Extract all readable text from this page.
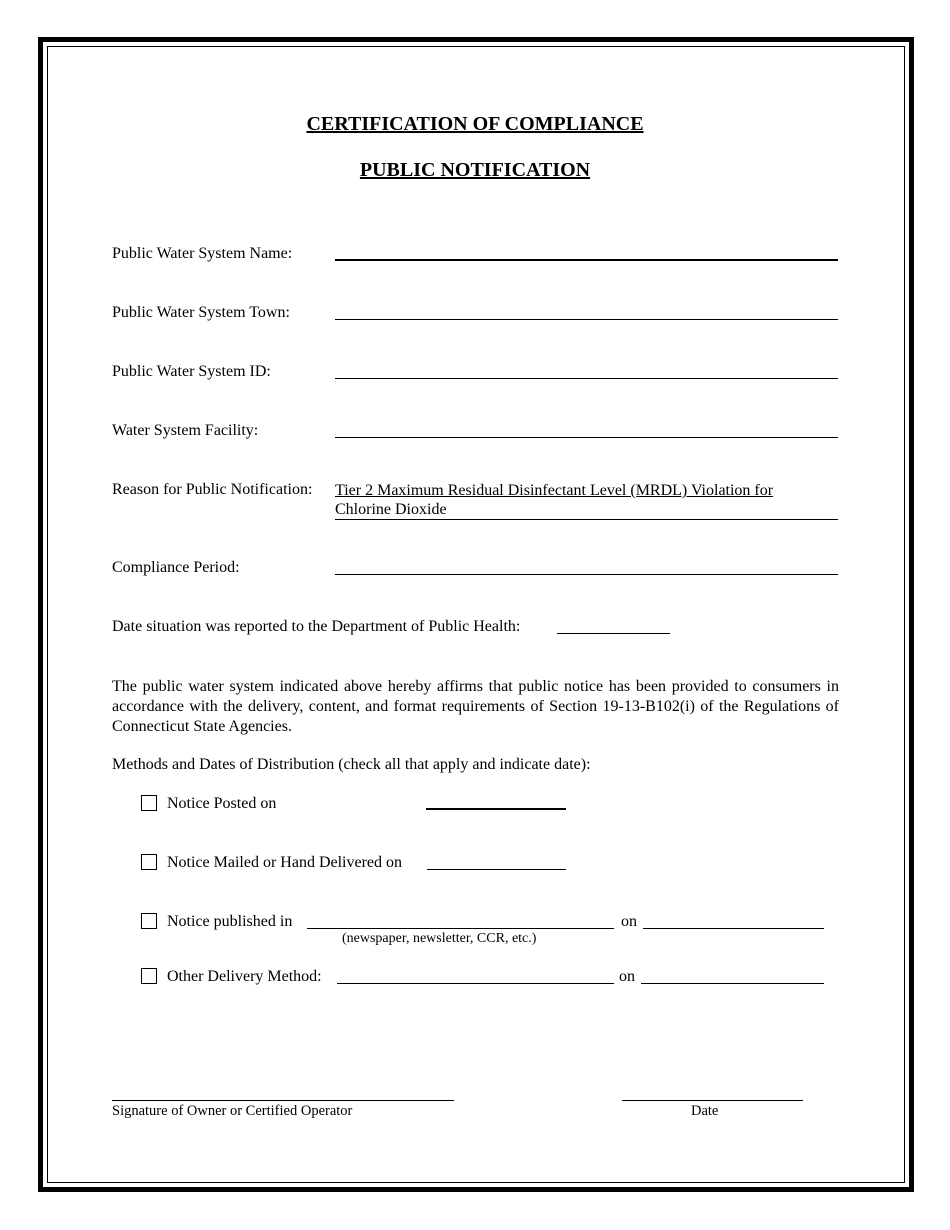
CERTIFICATION OF COMPLIANCE
PUBLIC NOTIFICATION
Public Water System Name:
Public Water System Town:
Public Water System ID:
Water System Facility:
Reason for Public Notification: Tier 2 Maximum Residual Disinfectant Level (MRDL) Violation for
Chlorine Dioxide
Compliance Period:
Date situation was reported to the Department of Public Health:
The public water system indicated above hereby affirms that public notice has been provided to consumers in accordance with the delivery, content, and format requirements of Section 19-13-B102(i) of the Regulations of Connecticut State Agencies.
Methods and Dates of Distribution (check all that apply and indicate date):
Notice Posted on
Notice Mailed or Hand Delivered on
Notice published in	on
(newspaper, newsletter, CCR, etc.)
Other Delivery Method:	on
Signature of Owner or Certified Operator	Date
